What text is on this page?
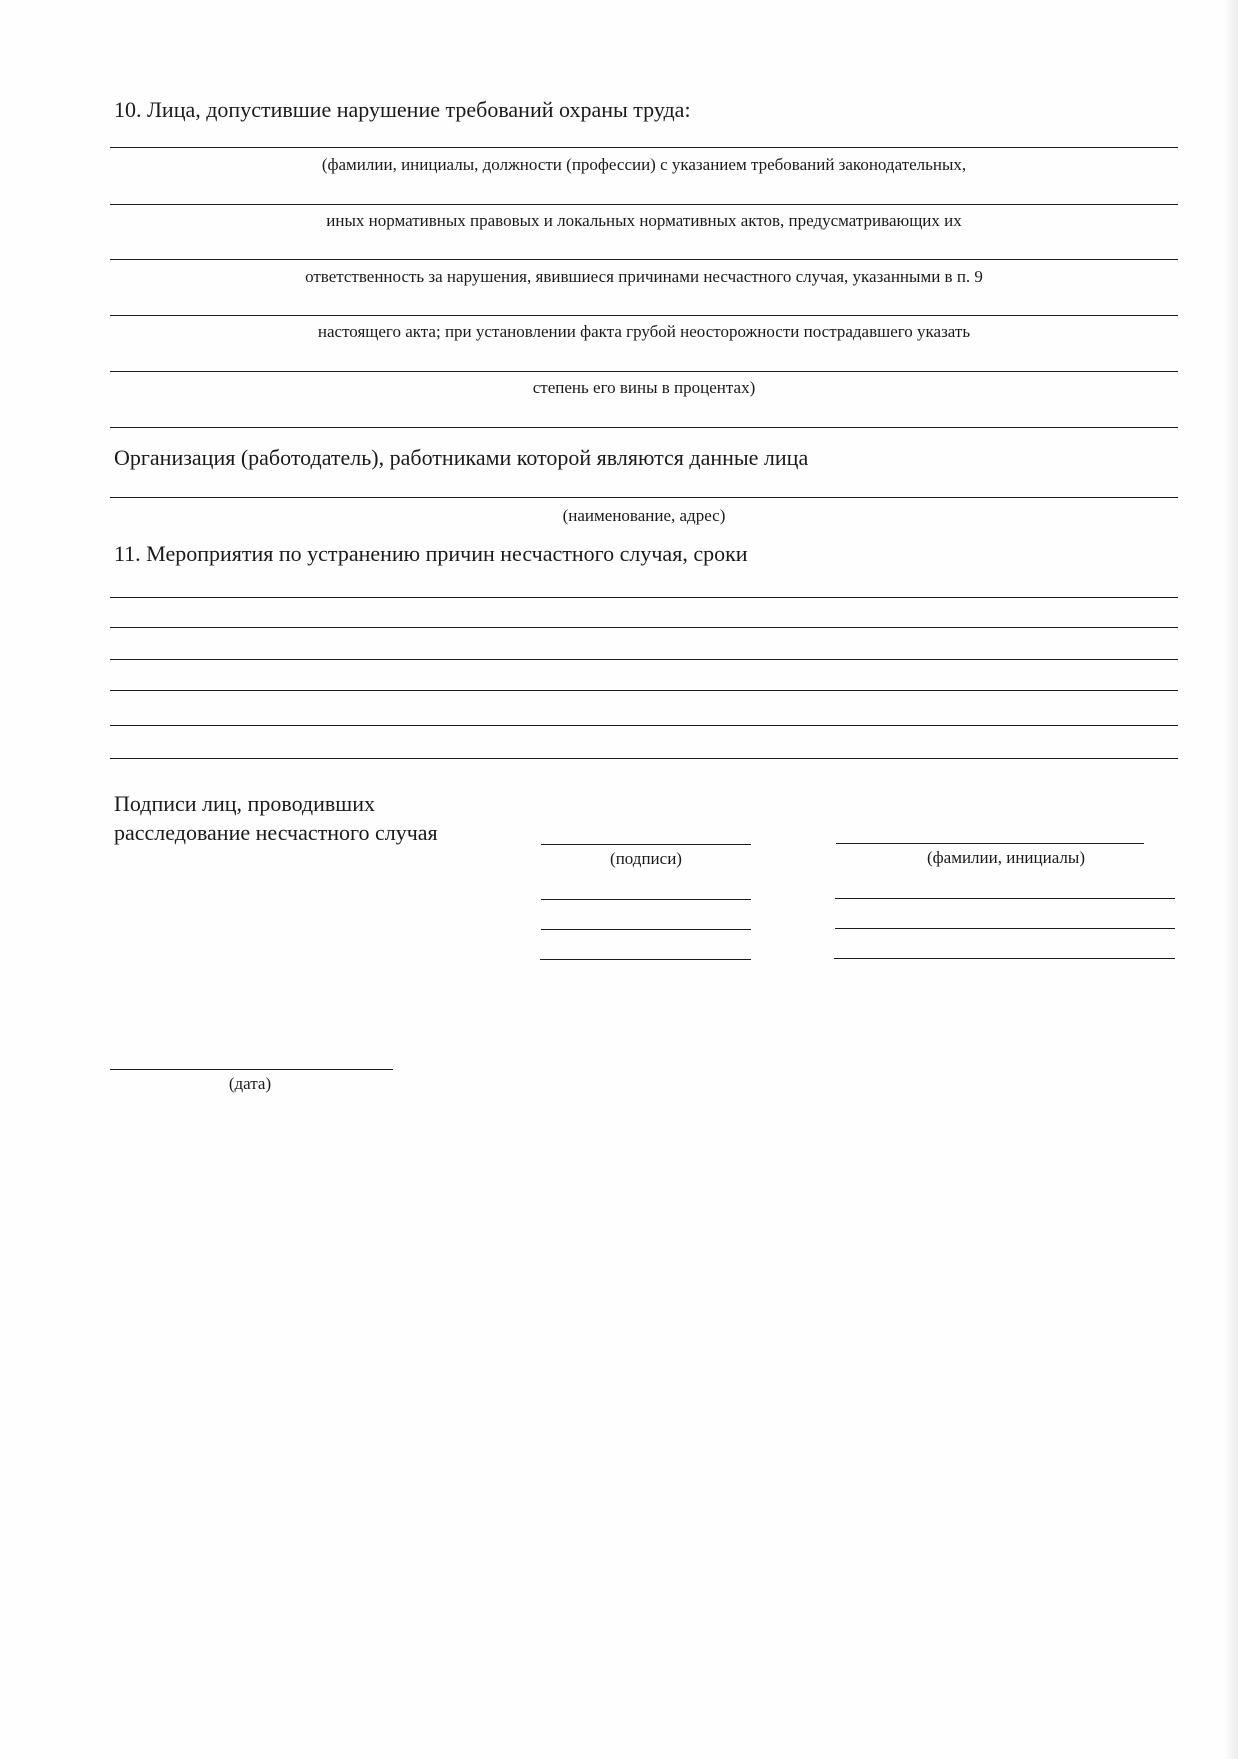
10. Лица, допустившие нарушение требований охраны труда:
(фамилии, инициалы, должности (профессии) с указанием требований законодательных,
иных нормативных правовых и локальных нормативных актов, предусматривающих их
ответственность за нарушения, явившиеся причинами несчастного случая, указанными в п. 9
настоящего акта; при установлении факта грубой неосторожности пострадавшего указать
степень его вины в процентах)
Организация (работодатель), работниками которой являются данные лица
(наименование, адрес)
11. Мероприятия по устранению причин несчастного случая, сроки
Подписи лиц, проводивших
расследование несчастного случая
(подписи)	(фамилии, инициалы)
(дата)
